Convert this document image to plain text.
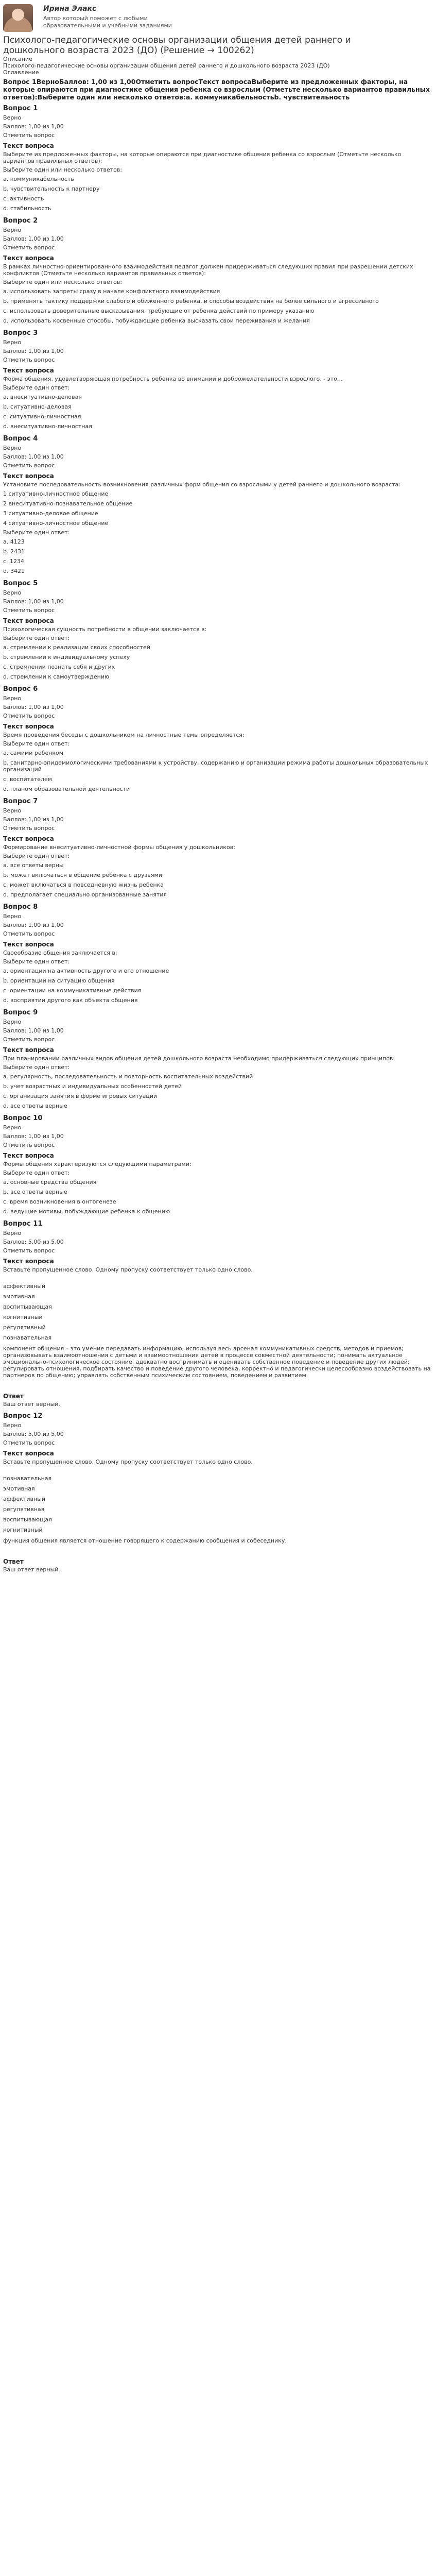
Ирина Элакс
Автор который поможет с любыми образовательными и учебными заданиями
Психолого-педагогические основы организации общения детей раннего и дошкольного возраста 2023 (ДО) (Решение → 100262)
Описание
Психолого-педагогические основы организации общения детей раннего и дошкольного возраста 2023 (ДО)
Оглавление
Вопрос 1ВерноБаллов: 1,00 из 1,00Отметить вопросТекст вопросаВыберите из предложенных факторы, на которые опираются при диагностике общения ребенка со взрослым (Отметьте несколько вариантов правильных ответов):Выберите один или несколько ответов:a. коммуникабельностьb. чувствительность
Вопрос 1
Верно
Баллов: 1,00 из 1,00
Отметить вопрос
Текст вопроса
Выберите из предложенных факторы, на которые опираются при диагностике общения ребенка со взрослым (Отметьте несколько вариантов правильных ответов):
Выберите один или несколько ответов:
a. коммуникабельность
b. чувствительность к партнеру
c. активность
d. стабильность
Вопрос 2
Верно
Баллов: 1,00 из 1,00
Отметить вопрос
Текст вопроса
В рамках личностно-ориентированного взаимодействия педагог должен придерживаться следующих правил при разрешении детских конфликтов (Отметьте несколько вариантов правильных ответов):
Выберите один или несколько ответов:
a. использовать запреты сразу в начале конфликтного взаимодействия
b. применять тактику поддержки слабого и обиженного ребенка, и способы воздействия на более сильного и агрессивного
c. использовать доверительные высказывания, требующие от ребенка действий по примеру указанию
d. использовать косвенные способы, побуждающие ребенка высказать свои переживания и желания
Вопрос 3
Верно
Баллов: 1,00 из 1,00
Отметить вопрос
Текст вопроса
Форма общения, удовлетворяющая потребность ребенка во внимании и доброжелательности взрослого, - это…
Выберите один ответ:
a. внеситуативно-деловая
b. ситуативно-деловая
c. ситуативно-личностная
d. внеситуативно-личностная
Вопрос 4
Верно
Баллов: 1,00 из 1,00
Отметить вопрос
Текст вопроса
Установите последовательность возникновения различных форм общения со взрослыми у детей раннего и дошкольного возраста:
1 ситуативно-личностное общение
2 внеситуативно-познавательное общение
3 ситуативно-деловое общение
4 ситуативно-личностное общение
Выберите один ответ:
a. 4123
b. 2431
c. 1234
d. 3421
Вопрос 5
Верно
Баллов: 1,00 из 1,00
Отметить вопрос
Текст вопроса
Психологическая сущность потребности в общении заключается в:
Выберите один ответ:
a. стремлении к реализации своих способностей
b. стремлении к индивидуальному успеху
c. стремлении познать себя и других
d. стремлении к самоутверждению
Вопрос 6
Верно
Баллов: 1,00 из 1,00
Отметить вопрос
Текст вопроса
Время проведения беседы с дошкольником на личностные темы определяется:
Выберите один ответ:
a. самими ребенком
b. санитарно-эпидемиологическими требованиями к устройству, содержанию и организации режима работы дошкольных образовательных организаций
c. воспитателем
d. планом образовательной деятельности
Вопрос 7
Верно
Баллов: 1,00 из 1,00
Отметить вопрос
Текст вопроса
Формирование внеситуативно-личностной формы общения у дошкольников:
Выберите один ответ:
a. все ответы верны
b. может включаться в общение ребенка с друзьями
c. может включаться в повседневную жизнь ребенка
d. предполагает специально организованные занятия
Вопрос 8
Верно
Баллов: 1,00 из 1,00
Отметить вопрос
Текст вопроса
Своеобразие общения заключается в:
Выберите один ответ:
a. ориентации на активность другого и его отношение
b. ориентации на ситуацию общения
c. ориентации на коммуникативные действия
d. восприятии другого как объекта общения
Вопрос 9
Верно
Баллов: 1,00 из 1,00
Отметить вопрос
Текст вопроса
При планировании различных видов общения детей дошкольного возраста необходимо придерживаться следующих принципов:
Выберите один ответ:
a. регулярность, последовательность и повторность воспитательных воздействий
b. учет возрастных и индивидуальных особенностей детей
c. организация занятия в форме игровых ситуаций
d. все ответы верные
Вопрос 10
Верно
Баллов: 1,00 из 1,00
Отметить вопрос
Текст вопроса
Формы общения характеризуются следующими параметрами:
Выберите один ответ:
a. основные средства общения
b. все ответы верные
c. время возникновения в онтогенезе
d. ведущие мотивы, побуждающие ребенка к общению
Вопрос 11
Верно
Баллов: 5,00 из 5,00
Отметить вопрос
Текст вопроса
Вставьте пропущенное слово. Одному пропуску соответствует только одно слово.
аффективный
эмотивная
воспитывающая
когнитивный
регулятивный
познавательная
компонент общения – это умение передавать информацию, используя весь арсенал коммуникативных средств, методов и приемов; организовывать взаимоотношения с детьми и взаимоотношения детей в процессе совместной деятельности; понимать актуальное эмоционально-психологическое состояние, адекватно воспринимать и оценивать собственное поведение и поведение других людей; регулировать отношения, подбирать качество и поведение другого человека, корректно и педагогически целесообразно воздействовать на партнеров по общению; управлять собственным психическим состоянием, поведением и развитием.
Ответ
Ваш ответ верный.
Вопрос 12
Верно
Баллов: 5,00 из 5,00
Отметить вопрос
Текст вопроса
Вставьте пропущенное слово. Одному пропуску соответствует только одно слово.
познавательная
эмотивная
аффективный
регулятивная
воспитывающая
когнитивный
функция общения является отношение говорящего к содержанию сообщения и собеседнику.
Ответ
Ваш ответ верный.
